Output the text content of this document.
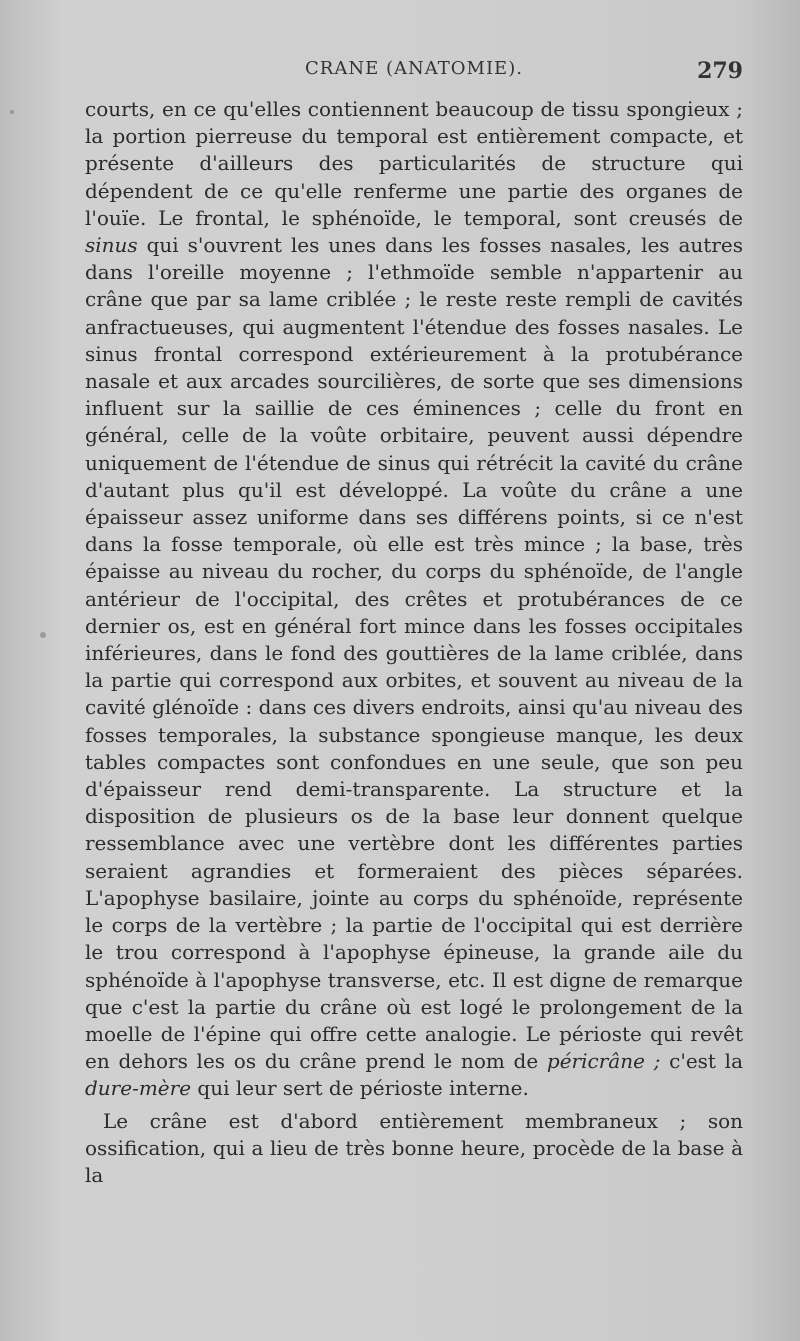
CRANE (ANATOMIE).	279

courts, en ce qu'elles contiennent beaucoup de tissu spongieux ; la portion pierreuse du temporal est entièrement compacte, et présente d'ailleurs des particularités de structure qui dépendent de ce qu'elle renferme une partie des organes de l'ouïe. Le frontal, le sphénoïde, le temporal, sont creusés de sinus qui s'ouvrent les unes dans les fosses nasales, les autres dans l'oreille moyenne ; l'ethmoïde semble n'appartenir au crâne que par sa lame criblée ; le reste reste rempli de cavités anfractueuses, qui augmentent l'étendue des fosses nasales. Le sinus frontal correspond extérieurement à la protubérance nasale et aux arcades sourcilières, de sorte que ses dimensions influent sur la saillie de ces éminences ; celle du front en général, celle de la voûte orbitaire, peuvent aussi dépendre uniquement de l'étendue de sinus qui rétrécit la cavité du crâne d'autant plus qu'il est développé. La voûte du crâne a une épaisseur assez uniforme dans ses différens points, si ce n'est dans la fosse temporale, où elle est très mince ; la base, très épaisse au niveau du rocher, du corps du sphénoïde, de l'angle antérieur de l'occipital, des crêtes et protubérances de ce dernier os, est en général fort mince dans les fosses occipitales inférieures, dans le fond des gouttières de la lame criblée, dans la partie qui correspond aux orbites, et souvent au niveau de la cavité glénoïde : dans ces divers endroits, ainsi qu'au niveau des fosses temporales, la substance spongieuse manque, les deux tables compactes sont confondues en une seule, que son peu d'épaisseur rend demi-transparente. La structure et la disposition de plusieurs os de la base leur donnent quelque ressemblance avec une vertèbre dont les différentes parties seraient agrandies et formeraient des pièces séparées. L'apophyse basilaire, jointe au corps du sphénoïde, représente le corps de la vertèbre ; la partie de l'occipital qui est derrière le trou correspond à l'apophyse épineuse, la grande aile du sphénoïde à l'apophyse transverse, etc. Il est digne de remarque que c'est la partie du crâne où est logé le prolongement de la moelle de l'épine qui offre cette analogie. Le périoste qui revêt en dehors les os du crâne prend le nom de péricrâne ; c'est la dure-mère qui leur sert de périoste interne.

Le crâne est d'abord entièrement membraneux ; son ossification, qui a lieu de très bonne heure, procède de la base à la
